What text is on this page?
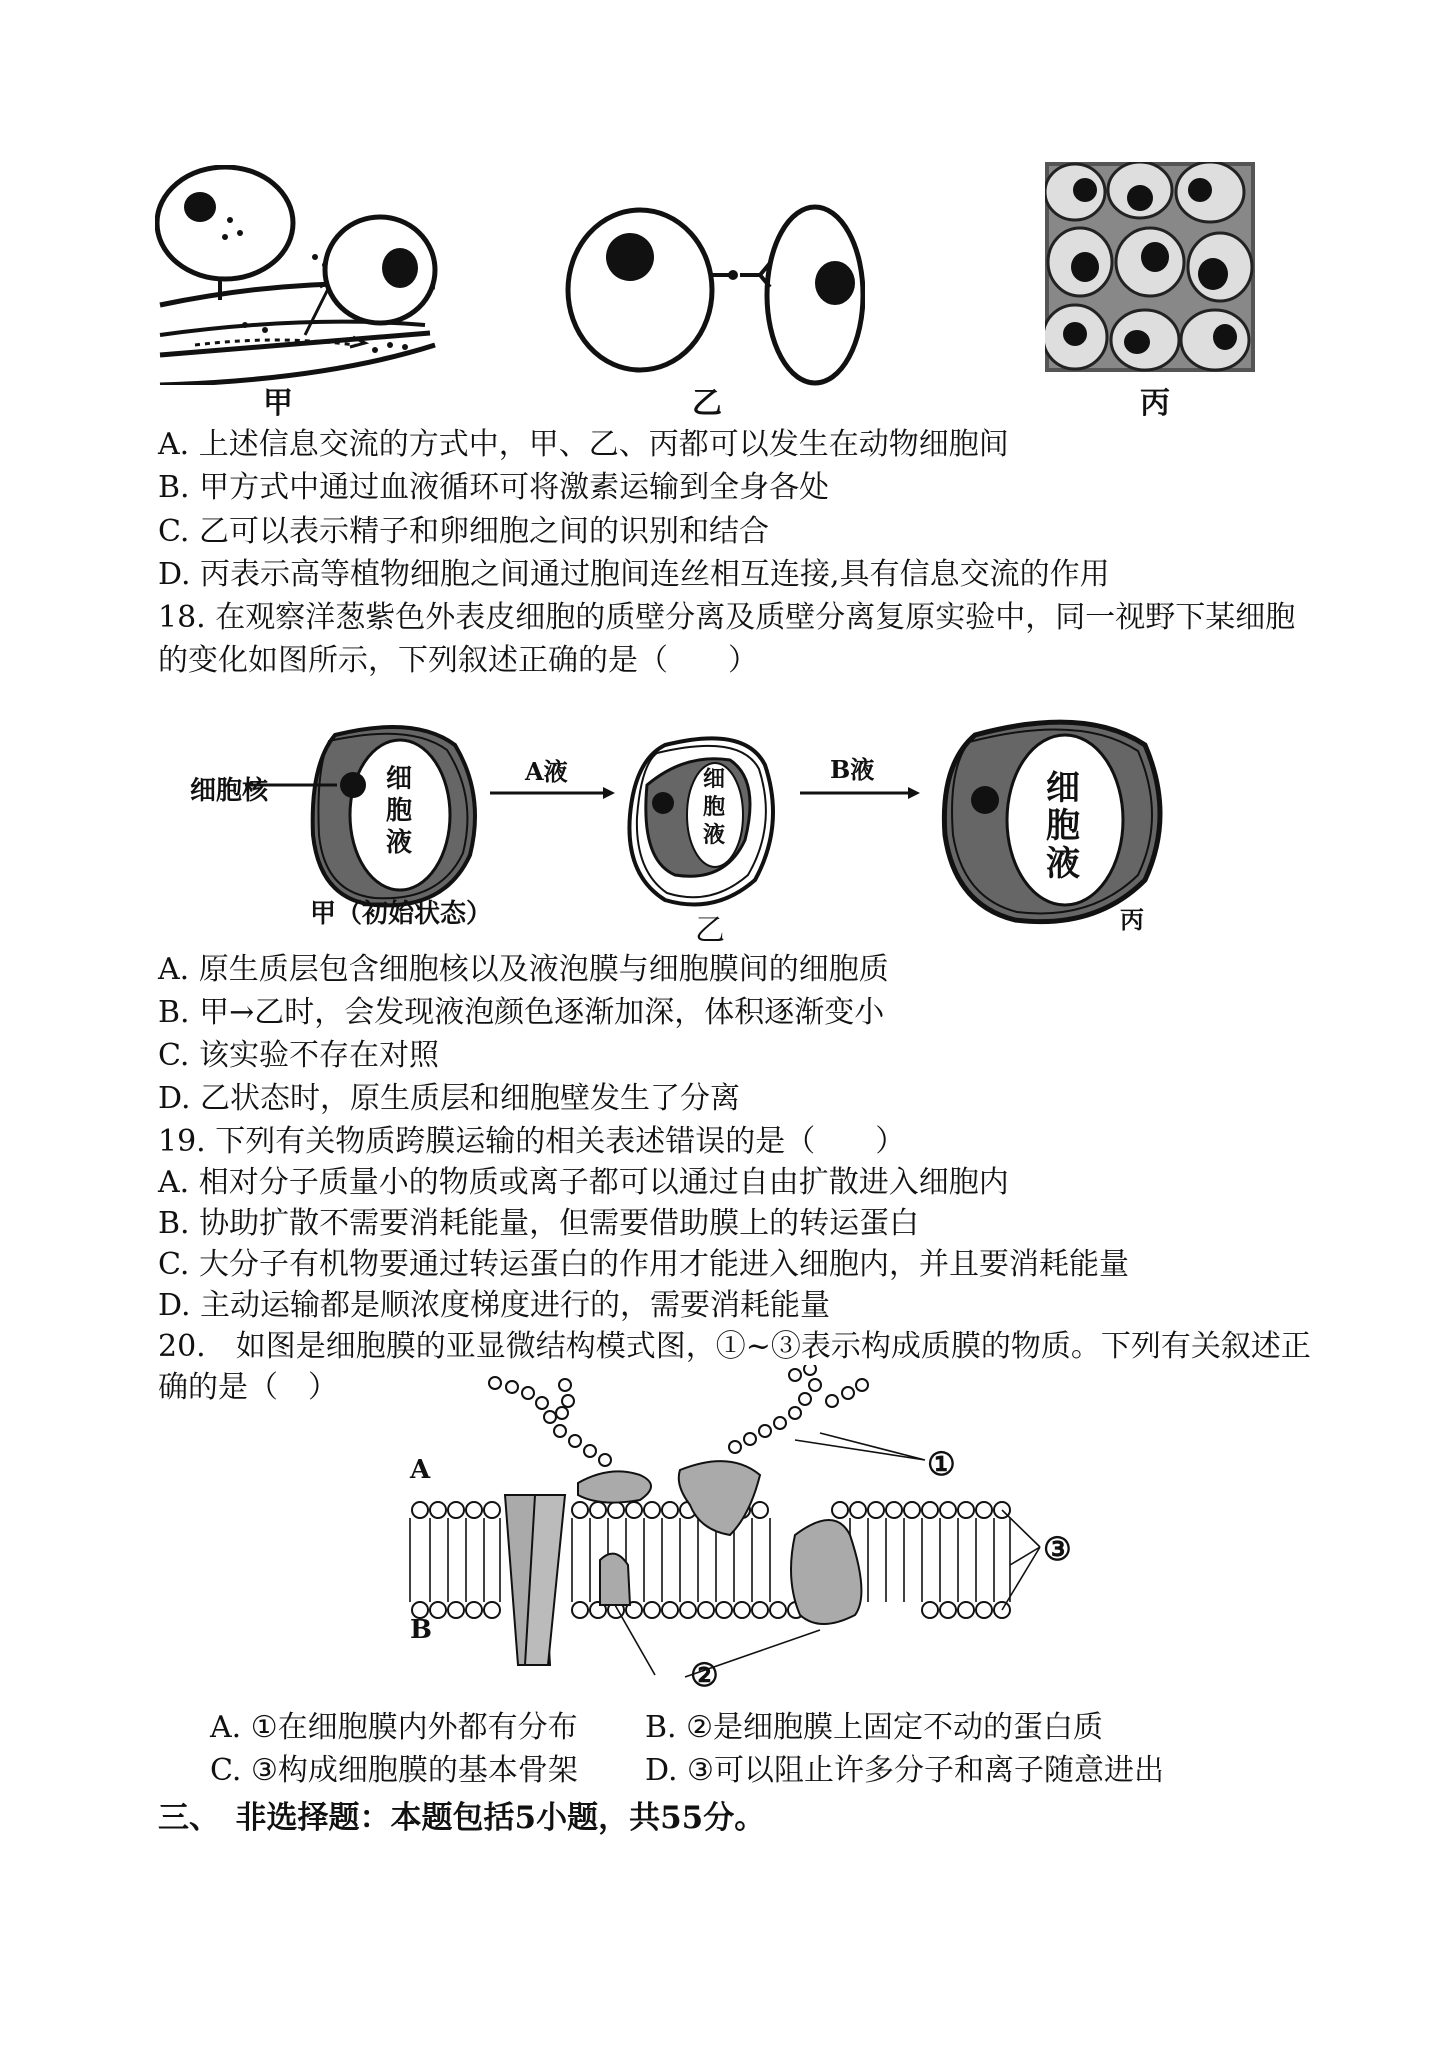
甲	乙	丙
A. 上述信息交流的方式中，甲、乙、丙都可以发生在动物细胞间
B. 甲方式中通过血液循环可将激素运输到全身各处
C. 乙可以表示精子和卵细胞之间的识别和结合
D. 丙表示高等植物细胞之间通过胞间连丝相互连接,具有信息交流的作用
18. 在观察洋葱紫色外表皮细胞的质壁分离及质壁分离复原实验中，同一视野下某细胞
的变化如图所示，下列叙述正确的是（　　）
细胞核
A液	B液
细
胞
液
细
胞
液
细
胞
液
甲（初始状态）	乙	丙
A. 原生质层包含细胞核以及液泡膜与细胞膜间的细胞质
B. 甲→乙时，会发现液泡颜色逐渐加深，体积逐渐变小
C. 该实验不存在对照
D. 乙状态时，原生质层和细胞壁发生了分离
19. 下列有关物质跨膜运输的相关表述错误的是（　　）
A. 相对分子质量小的物质或离子都可以通过自由扩散进入细胞内
B. 协助扩散不需要消耗能量，但需要借助膜上的转运蛋白
C. 大分子有机物要通过转运蛋白的作用才能进入细胞内，并且要消耗能量
D. 主动运输都是顺浓度梯度进行的，需要消耗能量
20.　如图是细胞膜的亚显微结构模式图，①~③表示构成质膜的物质。下列有关叙述正
确的是（　）
A
B
①
③
②
A. ①在细胞膜内外都有分布 B. ②是细胞膜上固定不动的蛋白质
C. ③构成细胞膜的基本骨架 D. ③可以阻止许多分子和离子随意进出
三、　非选择题：本题包括5小题，共55分。
